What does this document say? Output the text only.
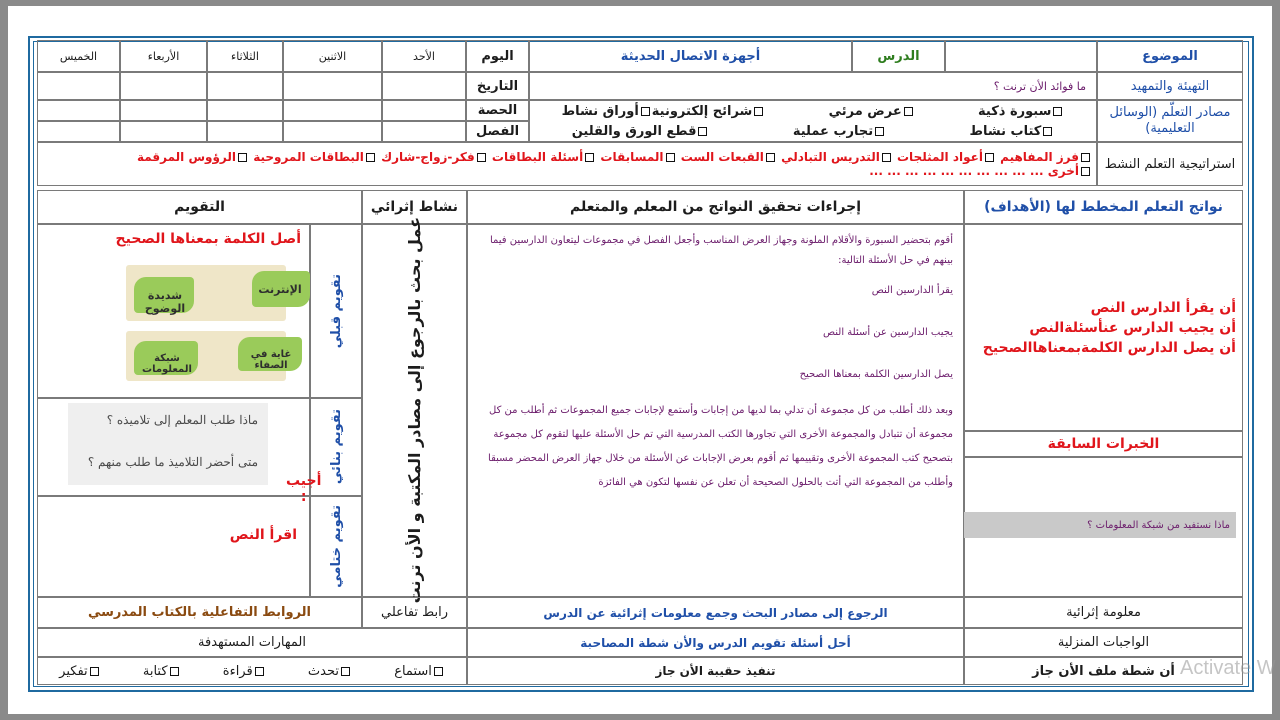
الموضوع
الدرس
أجهزة الاتصال الحديثة
اليوم
الأحد
الاثنين
الثلاثاء
الأربعاء
الخميس
التهيئة والتمهيد
ما فوائد الأن ترنت ؟
التاريخ
مصادر التعلّم (الوسائل التعليمية)
سبورة ذكية
عرض مرئي
شرائح إلكترونيةأوراق نشاط
كتاب نشاط
تجارب عملية
قطع الورق والقلين
الحصة
الفصل
استراتيجية التعلم النشط
فرز المفاهيم أعواد المثلجات التدريس التبادلي القبعات الست المسابقات أسئلة البطاقات فكر-زواج-شارك البطاقات المروحية الرؤوس المرقمة
أخرى ... ... ... ... ... ... ... ... ... ...
نواتج التعلم المخطط لها (الأهداف)
إجراءات تحقيق النواتج من المعلم والمتعلم
نشاط إثرائي
التقويم
أن يقرأ الدارس النص
أن يجيب الدارس عنأسئلةالنص
أن يصل الدارس الكلمةبمعناهاالصحيح
الخبرات السابقة
ماذا نستفيد من شبكة المعلومات ؟
أقوم بتحضير السبورة والأقلام الملونة وجهاز العرض المناسب وأجعل الفصل في مجموعات ليتعاون الدارسين فيما بينهم في حل الأسئلة التالية:
يقرأ الدارسين النص
يجيب الدارسين عن أسئلة النص
يصل الدارسين الكلمة بمعناها الصحيح
وبعد ذلك أطلب من كل مجموعة أن تدلي بما لديها من إجابات وأستمع لإجابات جميع المجموعات ثم أطلب من كل مجموعة أن تتبادل والمجموعة الأخرى التي تجاورها الكتب المدرسية التي تم حل الأسئلة عليها لتقوم كل مجموعة بتصحيح كتب المجموعة الأخرى وتقييمها ثم أقوم بعرض الإجابات عن الأسئلة من خلال جهاز العرض المحضر مسبقا وأطلب من المجموعة التي أتت بالحلول الصحيحة أن تعلن عن نفسها لتكون هي الفائزة
عمل بحث بالرجوع إلى مصادر المكتبة و الأن ترنت
تقويم قبلي
تقويم بنائي
تقويم ختامي
أصل الكلمة بمعناها الصحيح
الإنترنت
شديدة الوضوح
غاية في الصفاء
شبكة المعلومات
ماذا طلب المعلم إلى تلاميذه ؟
متى أحضر التلاميذ ما طلب منهم ؟
أجيب :
اقرأ النص
معلومة إثرائية
الرجوع إلى مصادر البحث وجمع معلومات إثرائية عن الدرس
رابط تفاعلي
الروابط التفاعلية بالكتاب المدرسي
الواجبات المنزلية
أحل أسئلة تقويم الدرس والأن شطة المصاحبة
المهارات المستهدفة
أن شطة ملف الأن جاز
تنفيذ حقيبة الأن جاز
استماع
تحدث
قراءة
كتابة
تفكير	Activate W
